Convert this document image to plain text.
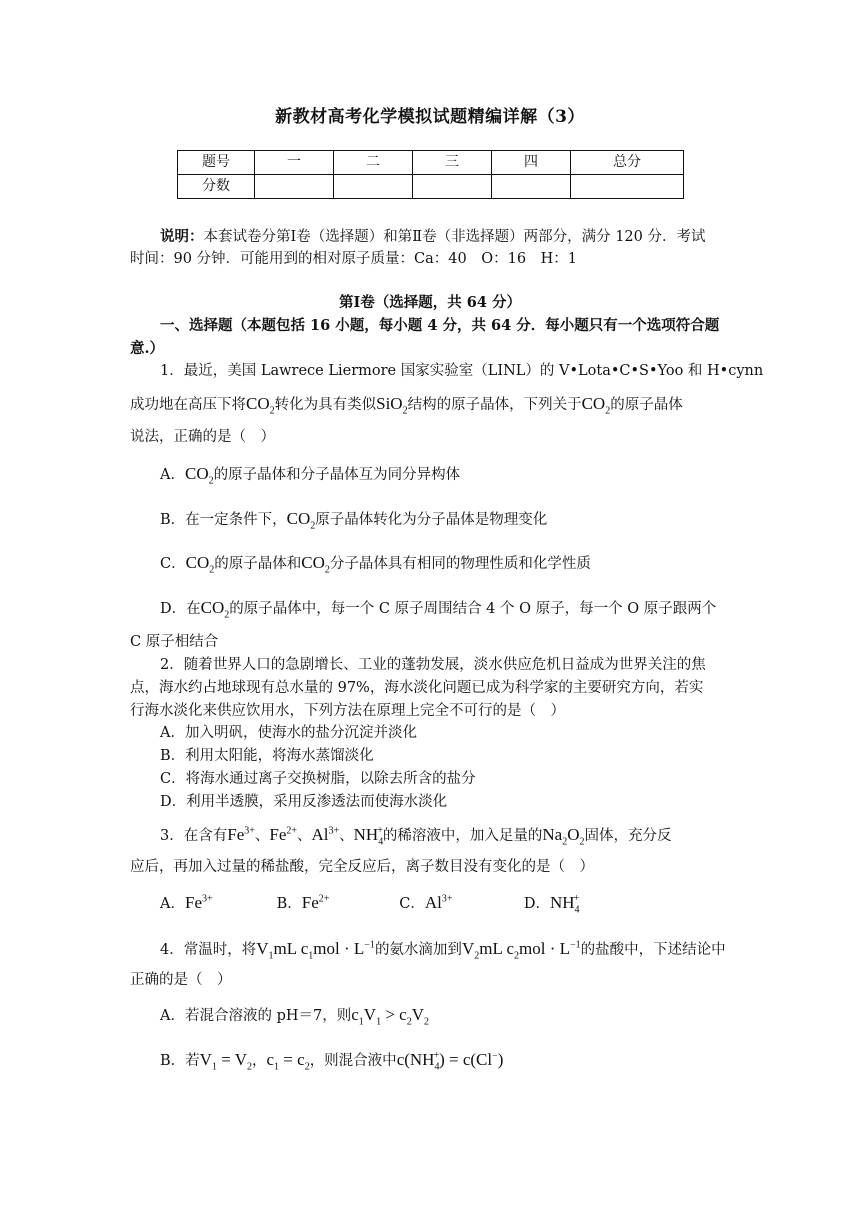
新教材高考化学模拟试题精编详解（3）
题号	一	二	三	四	总分
分数					
说明：本套试卷分第Ⅰ卷（选择题）和第Ⅱ卷（非选择题）两部分，满分 120 分．考试
时间：90 分钟．可能用到的相对原子质量：Ca：40　O：16　H：1
第Ⅰ卷（选择题，共 64 分）
一、选择题（本题包括 16 小题，每小题 4 分，共 64 分．每小题只有一个选项符合题
意.）
1．最近，美国 Lawrece Liermore 国家实验室（LINL）的 V•Lota•C•S•Yoo 和 H•cynn
成功地在高压下将$CO_2$转化为具有类似SiO$_2$结构的原子晶体，下列关于$CO_2$的原子晶体
说法，正确的是（　）
A．$CO_2$的原子晶体和分子晶体互为同分异构体
B．在一定条件下，$CO_2$原子晶体转化为分子晶体是物理变化
C．$CO_2$的原子晶体和$CO_2$分子晶体具有相同的物理性质和化学性质
D．在$CO_2$的原子晶体中，每一个 C 原子周围结合 4 个 O 原子，每一个 O 原子跟两个
C 原子相结合
2．随着世界人口的急剧增长、工业的蓬勃发展，淡水供应危机日益成为世界关注的焦
点，海水约占地球现有总水量的 97%，海水淡化问题已成为科学家的主要研究方向，若实
行海水淡化来供应饮用水，下列方法在原理上完全不可行的是（　）
A．加入明矾，使海水的盐分沉淀并淡化
B．利用太阳能，将海水蒸馏淡化
C．将海水通过离子交换树脂，以除去所含的盐分
D．利用半透膜，采用反渗透法而使海水淡化
3．在含有$Fe^{3+}$、$Fe^{2+}$、$Al^{3+}$、$NH_4^+$的稀溶液中，加入足量的$Na_2O_2$固体，充分反
应后，再加入过量的稀盐酸，完全反应后，离子数目没有变化的是（　）
A．$Fe^{3+}$	B．$Fe^{2+}$	C．$Al^{3+}$	D．$NH_4^+$
4．常温时，将$V_1mL$ $c_1mol \cdot L^{-1}$的氨水滴加到$V_2mL$ $c_2mol \cdot L^{-1}$的盐酸中，下述结论中
正确的是（　）
A．若混合溶液的 pH＝7，则$c_1V_1 > c_2V_2$
B．若$V_1 = V_2$，$c_1 = c_2$，则混合液中$c(NH_4^+) = c(Cl^-)$
